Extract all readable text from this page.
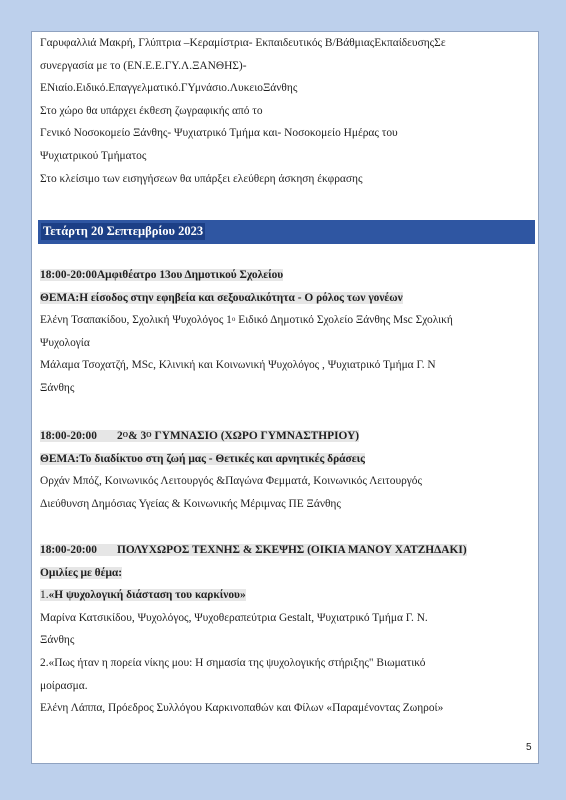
Γαρυφαλλιά Μακρή, Γλύπτρια –Κεραμίστρια- Εκπαιδευτικός Β/ΒάθμιαςΕκπαίδευσηςΣε
συνεργασία με το (ΕΝ.Ε.Ε.ΓΥ.Λ.ΞΑΝΘΗΣ)-
ΕΝιαίο.Ειδικό.Επαγγελματικό.ΓΥμνάσιο.ΛυκειοΞάνθης
Στο χώρο θα υπάρχει έκθεση ζωγραφικής από το
Γενικό Νοσοκομείο Ξάνθης- Ψυχιατρικό Τμήμα και- Νοσοκομείο Ημέρας του
Ψυχιατρικού Τμήματος
Στο κλείσιμο των εισηγήσεων θα υπάρξει ελεύθερη άσκηση έκφρασης
Τετάρτη 20 Σεπτεμβρίου 2023
18:00-20:00Αμφιθέατρο 13ου Δημοτικού Σχολείου
ΘΕΜΑ:Η είσοδος στην εφηβεία και σεξουαλικότητα - Ο ρόλος των γονέων
Ελένη Τσαπακίδου, Σχολική Ψυχολόγος $1^o$ Ειδικό Δημοτικό Σχολείο Ξάνθης Msc Σχολική
Ψυχολογία
Μάλαμα Τσοχατζή, MSc, Κλινική και Κοινωνική Ψυχολόγος , Ψυχιατρικό Τμήμα Γ. Ν
Ξάνθης
18:00-20:00 $2^O\&$ $3^O$ ΓΥΜΝΑΣΙΟ (ΧΩΡΟ ΓΥΜΝΑΣΤΗΡΙΟΥ)
ΘΕΜΑ:Το διαδίκτυο στη ζωή μας - Θετικές και αρνητικές δράσεις
Ορχάν Μπόζ, Κοινωνικός Λειτουργός &Παγώνα Φεμματά, Κοινωνικός Λειτουργός
Διεύθυνση Δημόσιας Υγείας & Κοινωνικής Μέριμνας ΠΕ Ξάνθης
18:00-20:00 ΠΟΛΥΧΩΡΟΣ ΤΕΧΝΗΣ & ΣΚΕΨΗΣ (ΟΙΚΙΑ ΜΑΝΟΥ ΧΑΤΖΗΔΑΚΙ)
Ομιλίες με θέμα:
1.«Η ψυχολογική διάσταση του καρκίνου»
Μαρίνα Κατσικίδου, Ψυχολόγος, Ψυχοθεραπεύτρια Gestalt, Ψυχιατρικό Τμήμα Γ. Ν.
Ξάνθης
2.«Πως ήταν η πορεία νίκης μου: Η σημασία της ψυχολογικής στήριξης" Βιωματικό
μοίρασμα.
Ελένη Λάππα, Πρόεδρος Συλλόγου Καρκινοπαθών και Φίλων «Παραμένοντας Ζωηροί»
5
